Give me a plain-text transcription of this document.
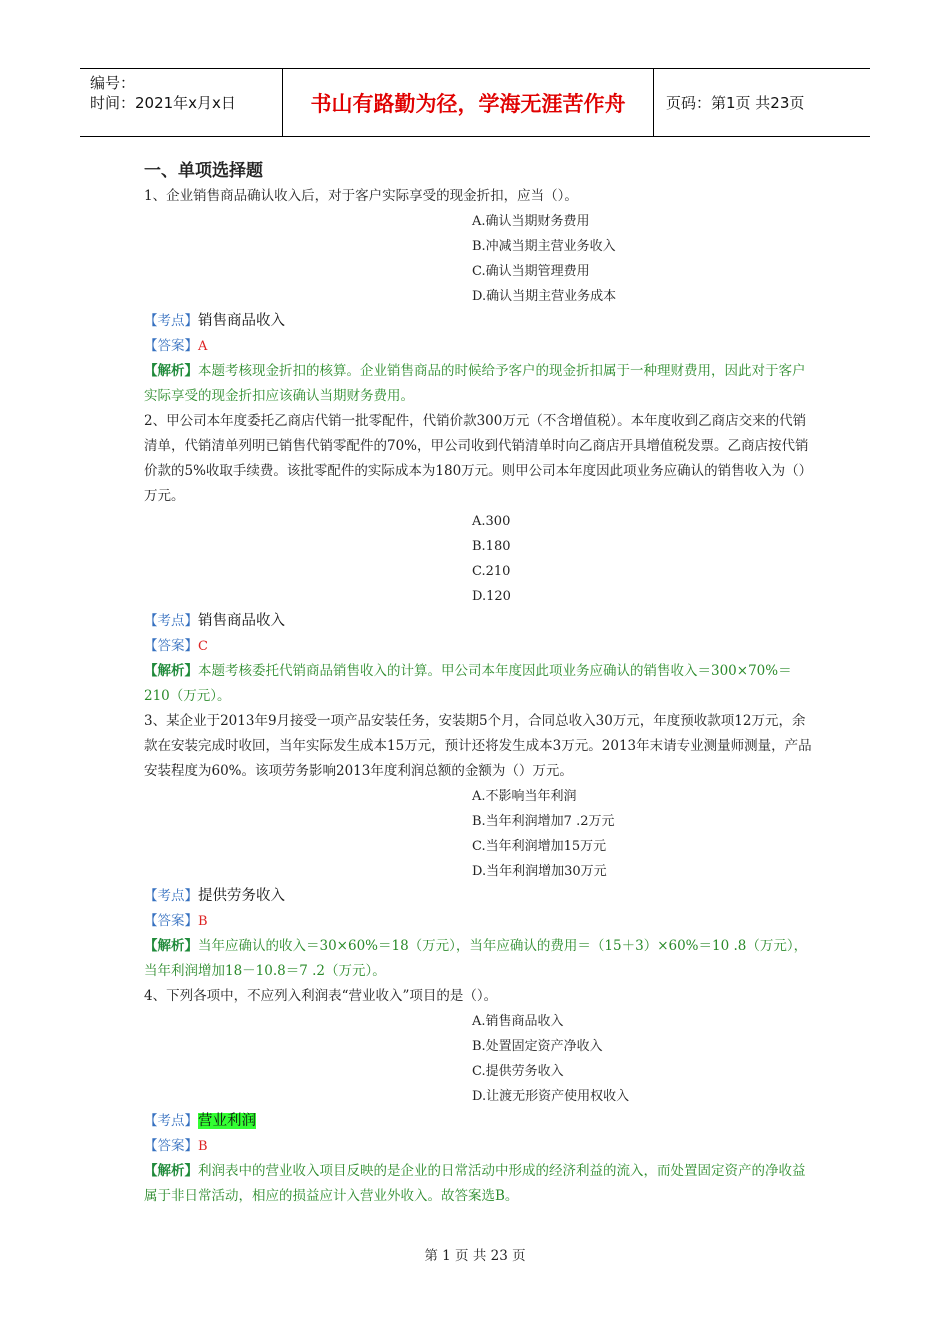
编号：
时间：2021年x月x日	书山有路勤为径，学海无涯苦作舟	页码：第1页 共23页
一、单项选择题

1、企业销售商品确认收入后，对于客户实际享受的现金折扣，应当（）。

A.确认当期财务费用

B.冲减当期主营业务收入

C.确认当期管理费用

D.确认当期主营业务成本

【考点】销售商品收入

【答案】A

【解析】本题考核现金折扣的核算。企业销售商品的时候给予客户的现金折扣属于一种理财费用，因此对于客户实际享受的现金折扣应该确认当期财务费用。

2、甲公司本年度委托乙商店代销一批零配件，代销价款300万元（不含增值税）。本年度收到乙商店交来的代销清单，代销清单列明已销售代销零配件的70%，甲公司收到代销清单时向乙商店开具增值税发票。乙商店按代销价款的5%收取手续费。该批零配件的实际成本为180万元。则甲公司本年度因此项业务应确认的销售收入为（）万元。

A.300

B.180

C.210

D.120

【考点】销售商品收入

【答案】C

【解析】本题考核委托代销商品销售收入的计算。甲公司本年度因此项业务应确认的销售收入＝300×70%＝210（万元）。

3、某企业于2013年9月接受一项产品安装任务，安装期5个月，合同总收入30万元，年度预收款项12万元，余款在安装完成时收回，当年实际发生成本15万元，预计还将发生成本3万元。2013年末请专业测量师测量，产品安装程度为60%。该项劳务影响2013年度利润总额的金额为（）万元。

A.不影响当年利润

B.当年利润增加7 .2万元

C.当年利润增加15万元

D.当年利润增加30万元

【考点】提供劳务收入

【答案】B

【解析】当年应确认的收入＝30×60%＝18（万元），当年应确认的费用＝（15＋3）×60%＝10 .8（万元），当年利润增加18－10.8＝7 .2（万元）。

4、下列各项中，不应列入利润表“营业收入”项目的是（）。

A.销售商品收入

B.处置固定资产净收入

C.提供劳务收入

D.让渡无形资产使用权收入

【考点】营业利润

【答案】B

【解析】利润表中的营业收入项目反映的是企业的日常活动中形成的经济利益的流入，而处置固定资产的净收益属于非日常活动，相应的损益应计入营业外收入。故答案选B。

第 1 页 共 23 页
